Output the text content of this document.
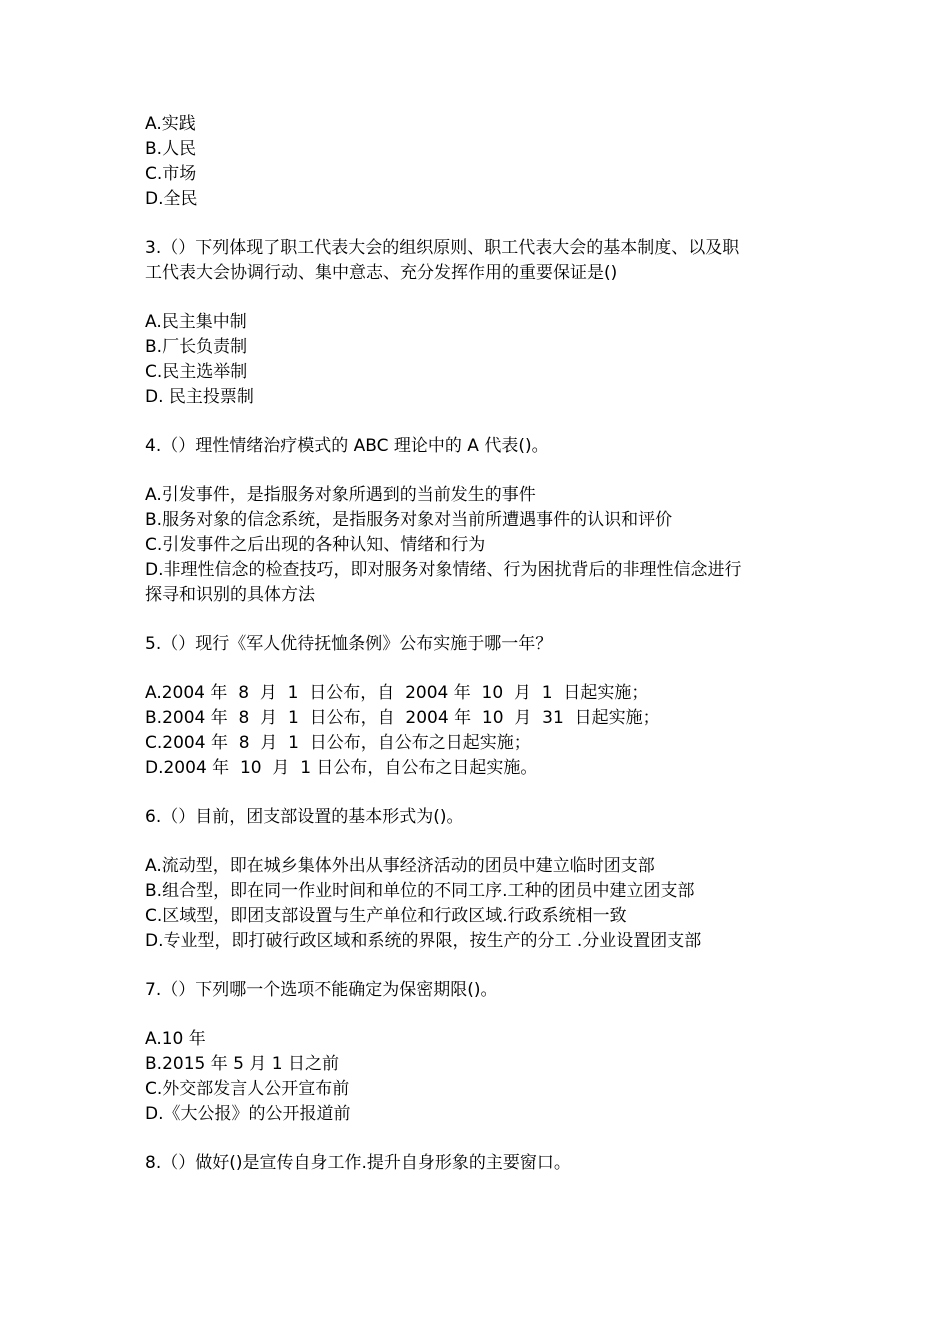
A.实践
B.人民
C.市场
D.全民
3.（）下列体现了职工代表大会的组织原则、职工代表大会的基本制度、以及职
工代表大会协调行动、集中意志、充分发挥作用的重要保证是()
A.民主集中制
B.厂长负责制
C.民主选举制
D. 民主投票制
4.（）理性情绪治疗模式的 ABC 理论中的 A 代表()。
A.引发事件，是指服务对象所遇到的当前发生的事件
B.服务对象的信念系统，是指服务对象对当前所遭遇事件的认识和评价
C.引发事件之后出现的各种认知、情绪和行为
D.非理性信念的检查技巧，即对服务对象情绪、行为困扰背后的非理性信念进行
探寻和识别的具体方法
5.（）现行《军人优待抚恤条例》公布实施于哪一年？
A.2004 年  8  月  1  日公布，自  2004 年  10  月  1  日起实施；
B.2004 年  8  月  1  日公布，自  2004 年  10  月  31  日起实施；
C.2004 年  8  月  1  日公布，自公布之日起实施；
D.2004 年  10  月  1 日公布，自公布之日起实施。
6.（）目前，团支部设置的基本形式为()。
A.流动型，即在城乡集体外出从事经济活动的团员中建立临时团支部
B.组合型，即在同一作业时间和单位的不同工序.工种的团员中建立团支部
C.区域型，即团支部设置与生产单位和行政区域.行政系统相一致
D.专业型，即打破行政区域和系统的界限，按生产的分工 .分业设置团支部
7.（）下列哪一个选项不能确定为保密期限()。
A.10 年
B.2015 年 5 月 1 日之前
C.外交部发言人公开宣布前
D.《大公报》的公开报道前
8.（）做好()是宣传自身工作.提升自身形象的主要窗口。
